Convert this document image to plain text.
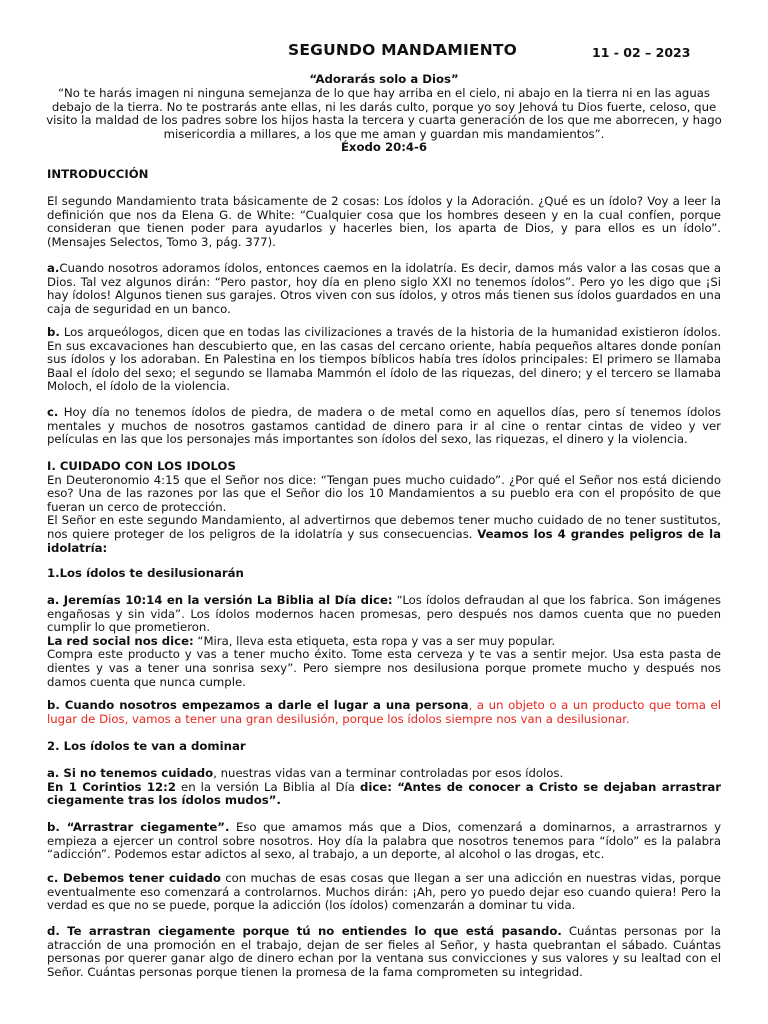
SEGUNDO MANDAMIENTO	11 - 02 – 2023
“Adorarás solo a Dios”
“No te harás imagen ni ninguna semejanza de lo que hay arriba en el cielo, ni abajo en la tierra ni en las aguas debajo de la tierra. No te postrarás ante ellas, ni les darás culto, porque yo soy Jehová tu Dios fuerte, celoso, que visito la maldad de los padres sobre los hijos hasta la tercera y cuarta generación de los que me aborrecen, y hago misericordia a millares, a los que me aman y guardan mis mandamientos”.
Éxodo 20:4-6
INTRODUCCIÓN
El segundo Mandamiento trata básicamente de 2 cosas: Los ídolos y la Adoración. ¿Qué es un ídolo? Voy a leer la definición que nos da Elena G. de White: “Cualquier cosa que los hombres deseen y en la cual confíen, porque consideran que tienen poder para ayudarlos y hacerles bien, los aparta de Dios, y para ellos es un ídolo”. (Mensajes Selectos, Tomo 3, pág. 377).
a.Cuando nosotros adoramos ídolos, entonces caemos en la idolatría. Es decir, damos más valor a las cosas que a Dios. Tal vez algunos dirán: “Pero pastor, hoy día en pleno siglo XXI no tenemos ídolos”. Pero yo les digo que ¡Si hay ídolos! Algunos tienen sus garajes. Otros viven con sus ídolos, y otros más tienen sus ídolos guardados en una caja de seguridad en un banco.
b. Los arqueólogos, dicen que en todas las civilizaciones a través de la historia de la humanidad existieron ídolos. En sus excavaciones han descubierto que, en las casas del cercano oriente, había pequeños altares donde ponían sus ídolos y los adoraban. En Palestina en los tiempos bíblicos había tres ídolos principales: El primero se llamaba Baal el ídolo del sexo; el segundo se llamaba Mammón el ídolo de las riquezas, del dinero; y el tercero se llamaba Moloch, el ídolo de la violencia.
c. Hoy día no tenemos ídolos de piedra, de madera o de metal como en aquellos días, pero sí tenemos ídolos mentales y muchos de nosotros gastamos cantidad de dinero para ir al cine o rentar cintas de video y ver películas en las que los personajes más importantes son ídolos del sexo, las riquezas, el dinero y la violencia.

I. CUIDADO CON LOS IDOLOS

En Deuteronomio 4:15 que el Señor nos dice: “Tengan pues mucho cuidado”. ¿Por qué el Señor nos está diciendo eso? Una de las razones por las que el Señor dio los 10 Mandamientos a su pueblo era con el propósito de que fueran un cerco de protección.

El Señor en este segundo Mandamiento, al advertirnos que debemos tener mucho cuidado de no tener sustitutos, nos quiere proteger de los peligros de la idolatría y sus consecuencias. Veamos los 4 grandes peligros de la idolatría:

1.Los ídolos te desilusionarán

a. Jeremías 10:14 en la versión La Biblia al Día dice: “Los ídolos defraudan al que los fabrica. Son imágenes engañosas y sin vida”. Los ídolos modernos hacen promesas, pero después nos damos cuenta que no pueden cumplir lo que prometieron.

La red social nos dice: “Mira, lleva esta etiqueta, esta ropa y vas a ser muy popular.

Compra este producto y vas a tener mucho éxito. Tome esta cerveza y te vas a sentir mejor. Usa esta pasta de dientes y vas a tener una sonrisa sexy”. Pero siempre nos desilusiona porque promete mucho y después nos damos cuenta que nunca cumple.

b. Cuando nosotros empezamos a darle el lugar a una persona, a un objeto o a un producto que toma el lugar de Dios, vamos a tener una gran desilusión, porque los ídolos siempre nos van a desilusionar.
2. Los ídolos te van a dominar

a. Si no tenemos cuidado, nuestras vidas van a terminar controladas por esos ídolos.

En 1 Corintios 12:2 en la versión La Biblia al Día dice: “Antes de conocer a Cristo se dejaban arrastrar ciegamente tras los ídolos mudos”.

b. “Arrastrar ciegamente”. Eso que amamos más que a Dios, comenzará a dominarnos, a arrastrarnos y empieza a ejercer un control sobre nosotros. Hoy día la palabra que nosotros tenemos para “ídolo” es la palabra “adicción”. Podemos estar adictos al sexo, al trabajo, a un deporte, al alcohol o las drogas, etc.
c. Debemos tener cuidado con muchas de esas cosas que llegan a ser una adicción en nuestras vidas, porque eventualmente eso comenzará a controlarnos. Muchos dirán: ¡Ah, pero yo puedo dejar eso cuando quiera! Pero la verdad es que no se puede, porque la adicción (los ídolos) comenzarán a dominar tu vida.
d. Te arrastran ciegamente porque tú no entiendes lo que está pasando. Cuántas personas por la atracción de una promoción en el trabajo, dejan de ser fieles al Señor, y hasta quebrantan el sábado. Cuántas personas por querer ganar algo de dinero echan por la ventana sus convicciones y sus valores y su lealtad con el Señor. Cuántas personas porque tienen la promesa de la fama comprometen su integridad.
